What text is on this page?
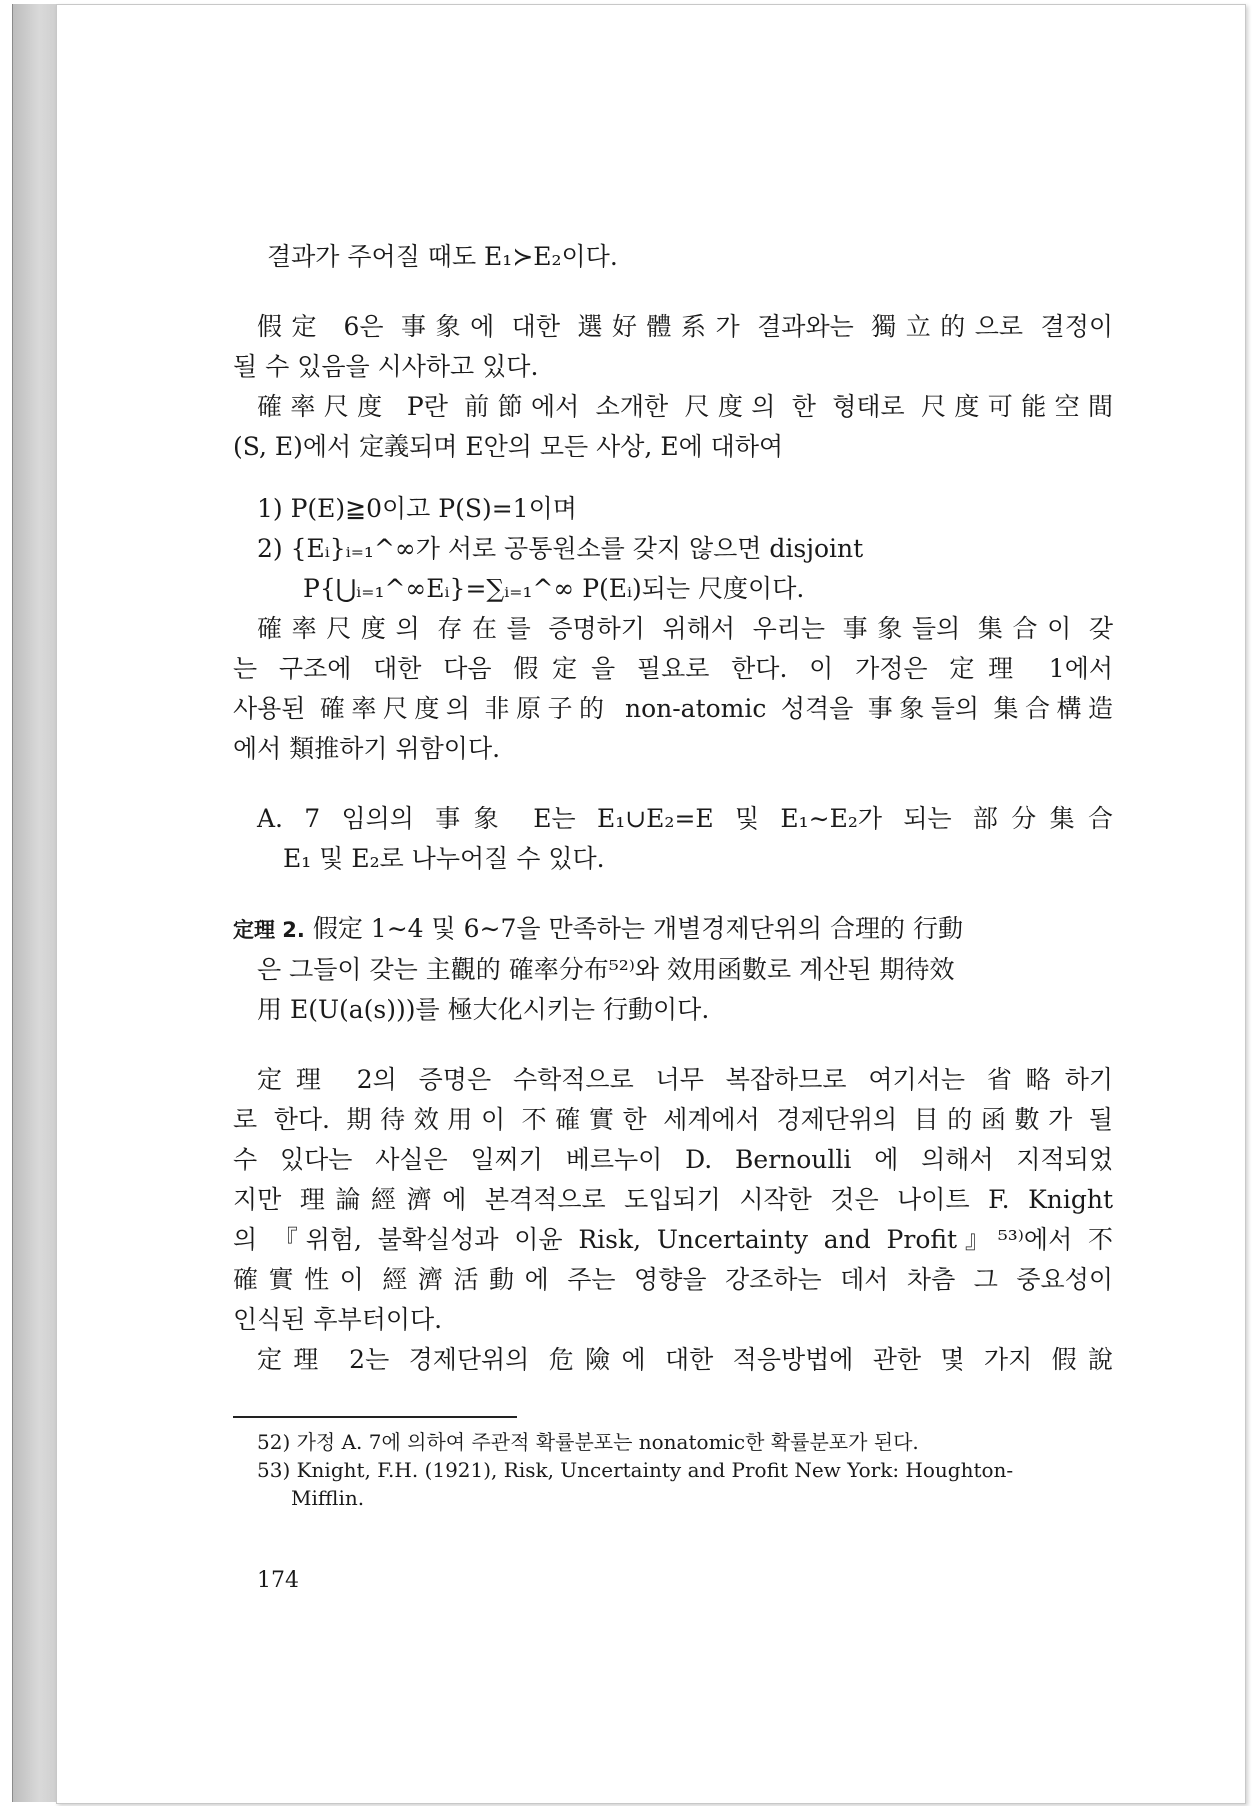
결과가 주어질 때도 E₁≻E₂이다.

假定 6은 事象에 대한 選好體系가 결과와는 獨立的으로 결정이

될 수 있음을 시사하고 있다.

確率尺度 P란 前節에서 소개한 尺度의 한 형태로 尺度可能空間

(S, E)에서 定義되며 E안의 모든 사상, E에 대하여

1) P(E)≧0이고 P(S)=1이며

2) {Eᵢ}ᵢ₌₁^∞가 서로 공통원소를 갖지 않으면 disjoint

P{⋃ᵢ₌₁^∞Eᵢ}=∑ᵢ₌₁^∞ P(Eᵢ)되는 尺度이다.

確率尺度의 存在를 증명하기 위해서 우리는 事象들의 集合이 갖

는 구조에 대한 다음 假定을 필요로 한다. 이 가정은 定理 1에서

사용된 確率尺度의 非原子的 non-atomic 성격을 事象들의 集合構造

에서 類推하기 위함이다.

A. 7 임의의 事象 E는 E₁∪E₂=E 및 E₁∼E₂가 되는 部分集合

E₁ 및 E₂로 나누어질 수 있다.

定理 2. 假定 1∼4 및 6∼7을 만족하는 개별경제단위의 合理的 行動

은 그들이 갖는 主觀的 確率分布⁵²⁾와 效用函數로 계산된 期待效

用 E(U(a(s)))를 極大化시키는 行動이다.

定理 2의 증명은 수학적으로 너무 복잡하므로 여기서는 省略하기

로 한다. 期待效用이 不確實한 세계에서 경제단위의 目的函數가 될

수 있다는 사실은 일찌기 베르누이 D. Bernoulli 에 의해서 지적되었

지만 理論經濟에 본격적으로 도입되기 시작한 것은 나이트 F. Knight

의 『위험, 불확실성과 이윤 Risk, Uncertainty and Profit』⁵³⁾에서 不

確實性이 經濟活動에 주는 영향을 강조하는 데서 차츰 그 중요성이

인식된 후부터이다.

定理 2는 경제단위의 危險에 대한 적응방법에 관한 몇 가지 假說

52) 가정 A. 7에 의하여 주관적 확률분포는 nonatomic한 확률분포가 된다.

53) Knight, F.H. (1921), Risk, Uncertainty and Profit New York: Houghton-

Mifflin.

174
